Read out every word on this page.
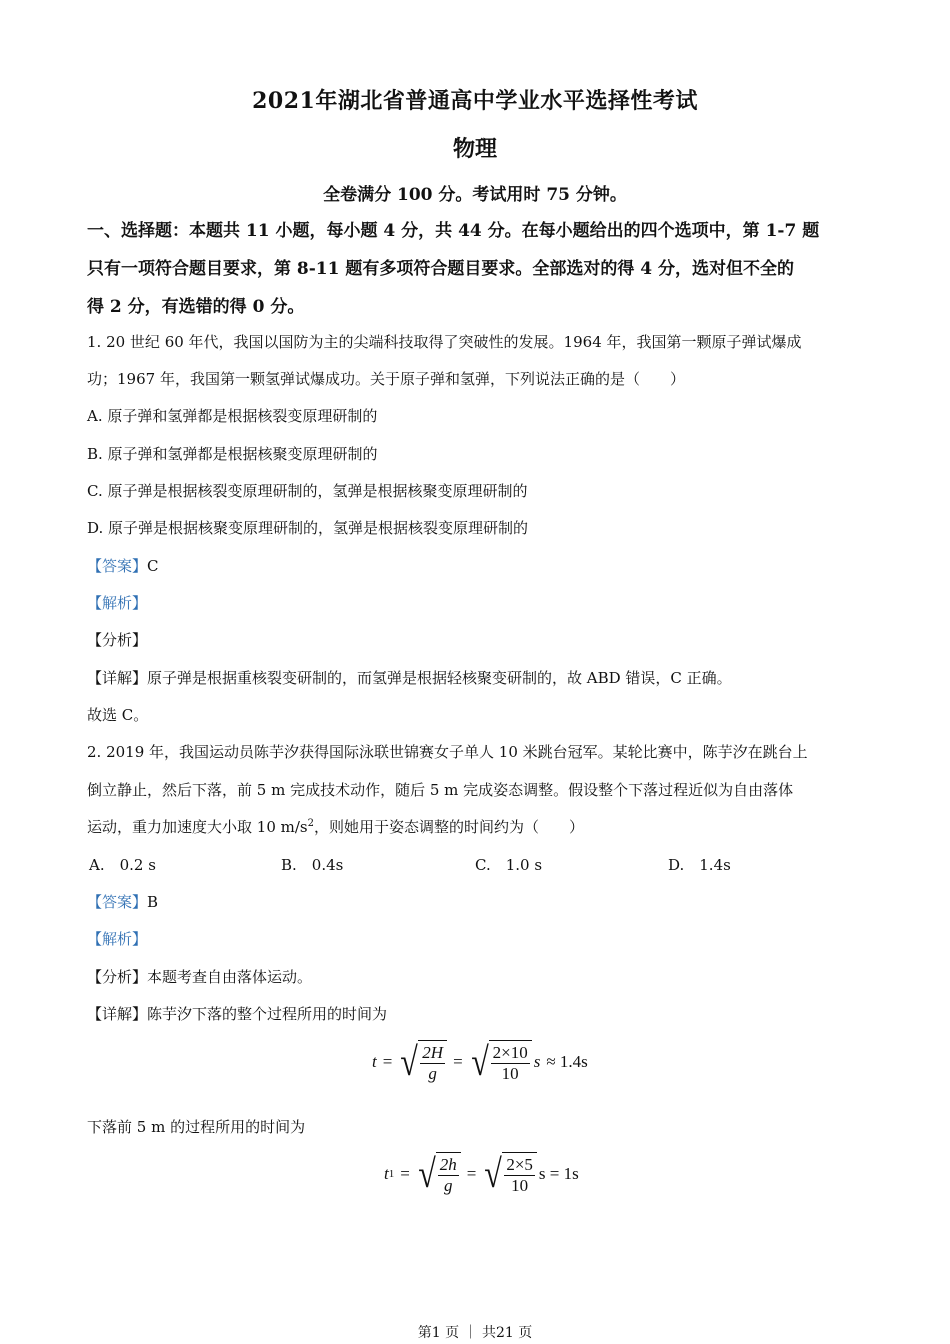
2021年湖北省普通高中学业水平选择性考试
物理
全卷满分 100 分。考试用时 75 分钟。
一、选择题：本题共 11 小题，每小题 4 分，共 44 分。在每小题给出的四个选项中，第 1-7 题
只有一项符合题目要求，第 8-11 题有多项符合题目要求。全部选对的得 4 分，选对但不全的
得 2 分，有选错的得 0 分。
1. 20 世纪 60 年代，我国以国防为主的尖端科技取得了突破性的发展。1964 年，我国第一颗原子弹试爆成
功；1967 年，我国第一颗氢弹试爆成功。关于原子弹和氢弹，下列说法正确的是（　　）
A. 原子弹和氢弹都是根据核裂变原理研制的
B. 原子弹和氢弹都是根据核聚变原理研制的
C. 原子弹是根据核裂变原理研制的，氢弹是根据核聚变原理研制的
D. 原子弹是根据核聚变原理研制的，氢弹是根据核裂变原理研制的
【答案】C
【解析】
【分析】
【详解】原子弹是根据重核裂变研制的，而氢弹是根据轻核聚变研制的，故 ABD 错误，C 正确。
故选 C。
2. 2019 年，我国运动员陈芋汐获得国际泳联世锦赛女子单人 10 米跳台冠军。某轮比赛中，陈芋汐在跳台上
倒立静止，然后下落，前 5 m 完成技术动作，随后 5 m 完成姿态调整。假设整个下落过程近似为自由落体
运动，重力加速度大小取 10 $m/s^2$，则她用于姿态调整的时间约为（　　）
A.　0.2 s	B.　0.4s	C.　1.0 s	D.　1.4s
【答案】B
【解析】
【分析】本题考查自由落体运动。
【详解】陈芋汐下落的整个过程所用的时间为
t = √ $\frac{2H}{g}$ = √ $\frac{2\times 10}{10}$ s ≈ 1.4s
下落前 5 m 的过程所用的时间为
t 1 = √ $\frac{2h}{g}$ = √ $\frac{2\times 5}{10}$ s = 1s
第1 页 ｜ 共21 页
